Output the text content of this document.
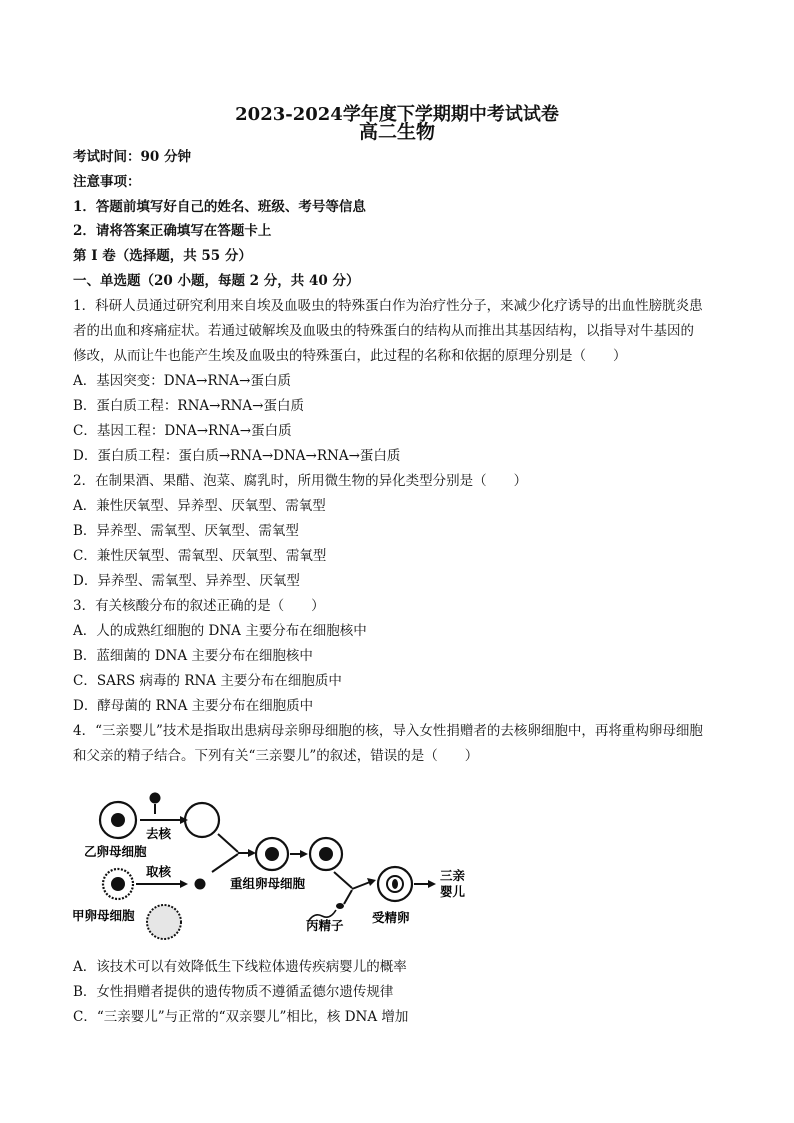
2023-2024学年度下学期期中考试试卷
高二生物
考试时间：90 分钟
注意事项：
1．答题前填写好自己的姓名、班级、考号等信息
2．请将答案正确填写在答题卡上
第 I 卷（选择题，共 55 分）
一、单选题（20 小题，每题 2 分，共 40 分）
1．科研人员通过研究利用来自埃及血吸虫的特殊蛋白作为治疗性分子，来减少化疗诱导的出血性膀胱炎患
者的出血和疼痛症状。若通过破解埃及血吸虫的特殊蛋白的结构从而推出其基因结构，以指导对牛基因的
修改，从而让牛也能产生埃及血吸虫的特殊蛋白，此过程的名称和依据的原理分别是（　　）
A．基因突变：DNA→RNA→蛋白质
B．蛋白质工程：RNA→RNA→蛋白质
C．基因工程：DNA→RNA→蛋白质
D．蛋白质工程：蛋白质→RNA→DNA→RNA→蛋白质
2．在制果酒、果醋、泡菜、腐乳时，所用微生物的异化类型分别是（　　）
A．兼性厌氧型、异养型、厌氧型、需氧型
B．异养型、需氧型、厌氧型、需氧型
C．兼性厌氧型、需氧型、厌氧型、需氧型
D．异养型、需氧型、异养型、厌氧型
3．有关核酸分布的叙述正确的是（　　）
A．人的成熟红细胞的 DNA 主要分布在细胞核中
B．蓝细菌的 DNA 主要分布在细胞核中
C．SARS 病毒的 RNA 主要分布在细胞质中
D．酵母菌的 RNA 主要分布在细胞质中
4．“三亲婴儿”技术是指取出患病母亲卵母细胞的核，导入女性捐赠者的去核卵细胞中，再将重构卵母细胞
和父亲的精子结合。下列有关“三亲婴儿”的叙述，错误的是（　　）
去核
乙卵母细胞
取核
甲卵母细胞
重组卵母细胞
丙精子
受精卵
三亲
婴儿
A．该技术可以有效降低生下线粒体遗传疾病婴儿的概率
B．女性捐赠者提供的遗传物质不遵循孟德尔遗传规律
C．“三亲婴儿”与正常的“双亲婴儿”相比，核 DNA 增加
